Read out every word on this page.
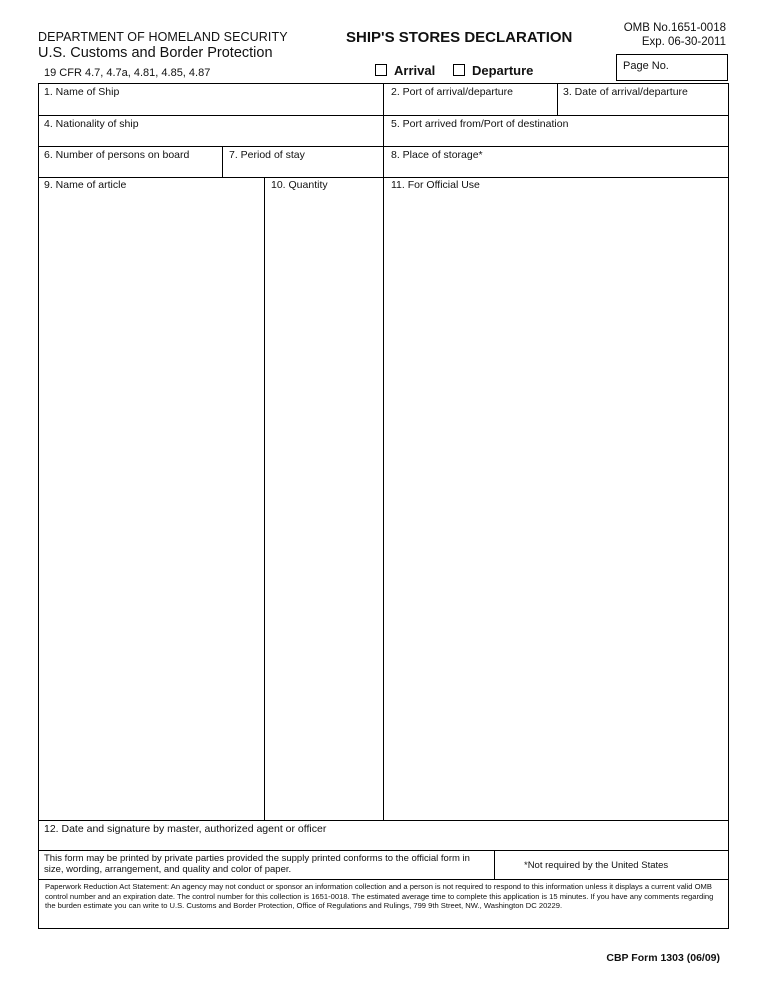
DEPARTMENT OF HOMELAND SECURITY
U.S. Customs and Border Protection
19 CFR 4.7, 4.7a, 4.81, 4.85, 4.87
SHIP'S STORES DECLARATION
OMB No.1651-0018
Exp. 06-30-2011
Arrival	Departure	Page No.
1. Name of Ship	2. Port of arrival/departure	3. Date of arrival/departure
4. Nationality of ship	5. Port arrived from/Port of destination
6. Number of persons on board	7. Period of stay	8. Place of storage*
9. Name of article	10. Quantity	11. For Official Use
12. Date and signature by master, authorized agent or officer
This form may be printed by private parties provided the supply printed conforms to the official form in size, wording, arrangement, and quality and color of paper.	*Not required by the United States
Paperwork Reduction Act Statement: An agency may not conduct or sponsor an information collection and a person is not required to respond to this information unless it displays a current valid OMB control number and an expiration date. The control number for this collection is 1651-0018. The estimated average time to complete this application is 15 minutes. If you have any comments regarding the burden estimate you can write to U.S. Customs and Border Protection, Office of Regulations and Rulings, 799 9th Street, NW., Washington DC 20229.
CBP Form 1303 (06/09)
